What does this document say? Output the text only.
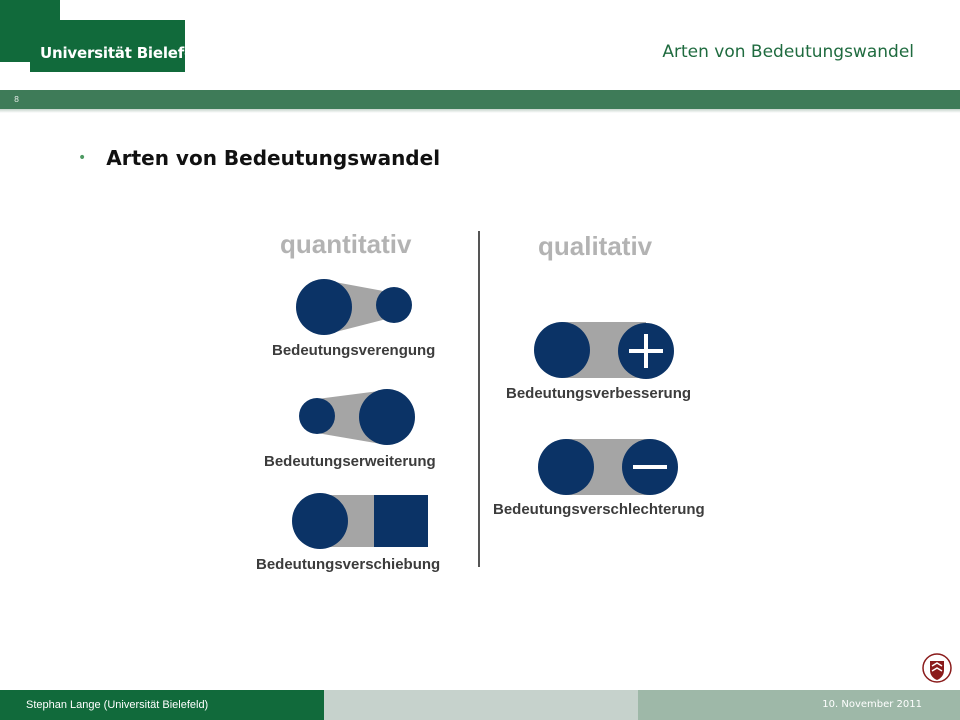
Universität Bielefeld	Arten von Bedeutungswandel
8
• Arten von Bedeutungswandel
quantitativ	qualitativ
Bedeutungsverengung
Bedeutungserweiterung
Bedeutungsverschiebung
Bedeutungsverbesserung
Bedeutungsverschlechterung
Stephan Lange (Universität Bielefeld)	10. November 2011
